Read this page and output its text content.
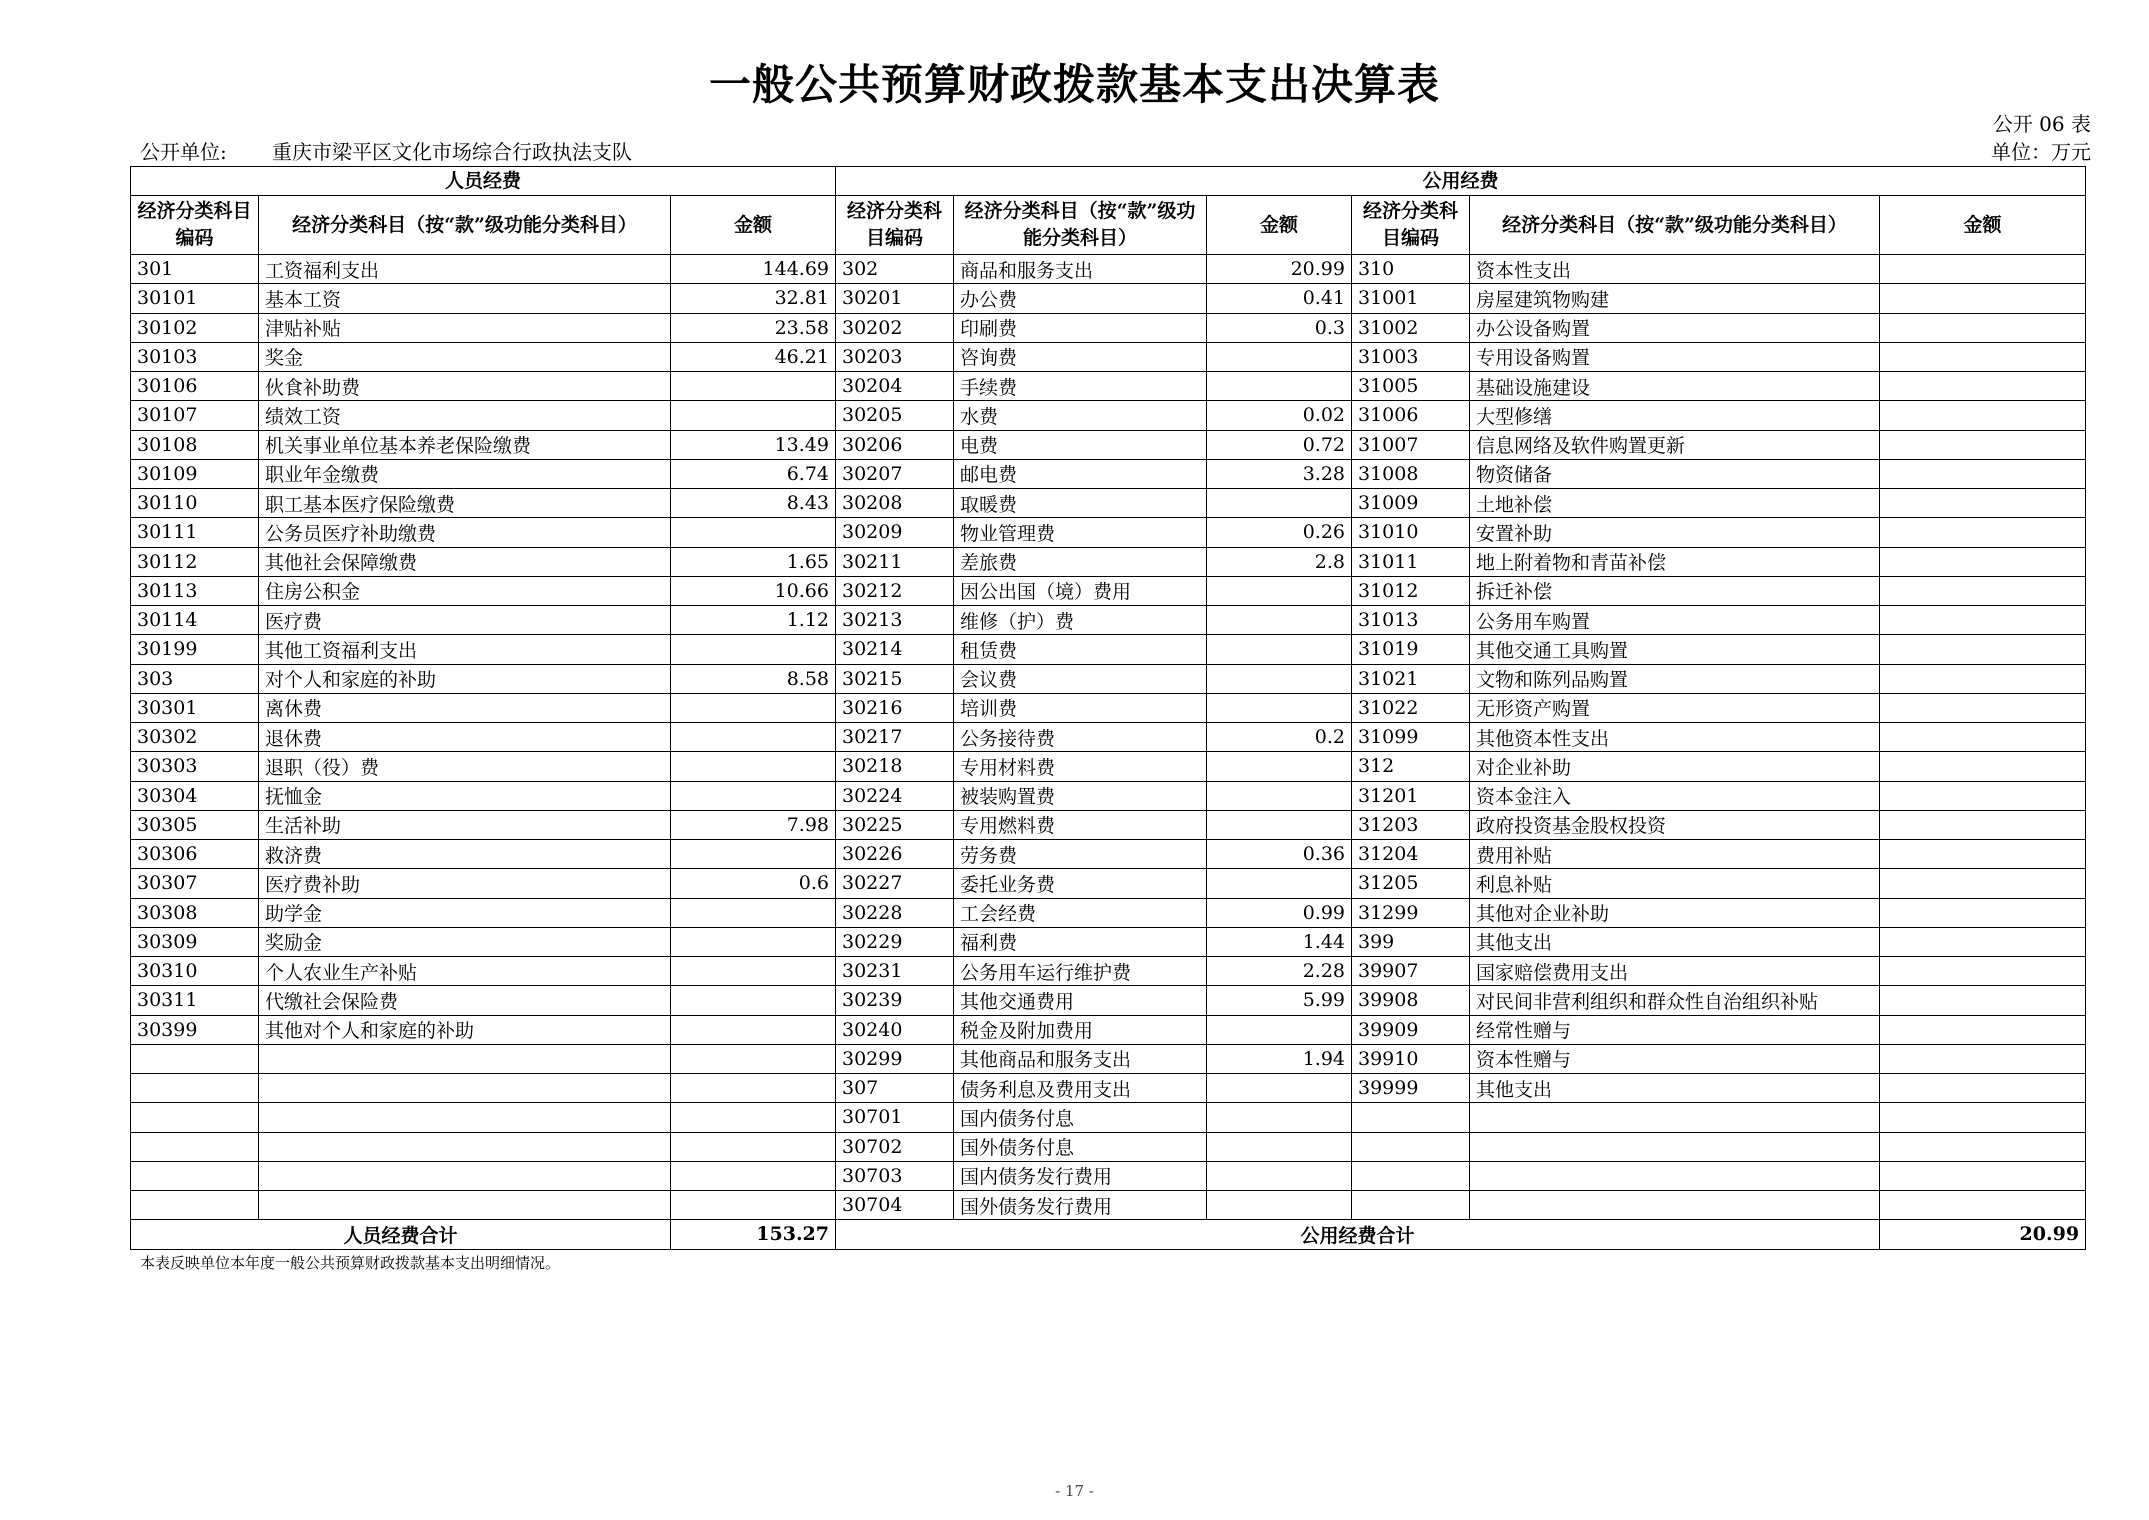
一般公共预算财政拨款基本支出决算表
公开 06 表
公开单位: 重庆市梁平区文化市场综合行政执法支队	单位：万元
人员经费			公用经费					
经济分类科目编码	经济分类科目（按“款”级功能分类科目）	金额	经济分类科目编码	经济分类科目（按“款”级功能分类科目）	金额	经济分类科目编码	经济分类科目（按“款”级功能分类科目）	金额
301	工资福利支出	144.69	302	商品和服务支出	20.99	310	资本性支出	
30101	基本工资	32.81	30201	办公费	0.41	31001	房屋建筑物购建	
30102	津贴补贴	23.58	30202	印刷费	0.3	31002	办公设备购置	
30103	奖金	46.21	30203	咨询费		31003	专用设备购置	
30106	伙食补助费		30204	手续费		31005	基础设施建设	
30107	绩效工资		30205	水费	0.02	31006	大型修缮	
30108	机关事业单位基本养老保险缴费	13.49	30206	电费	0.72	31007	信息网络及软件购置更新	
30109	职业年金缴费	6.74	30207	邮电费	3.28	31008	物资储备	
30110	职工基本医疗保险缴费	8.43	30208	取暖费		31009	土地补偿	
30111	公务员医疗补助缴费		30209	物业管理费	0.26	31010	安置补助	
30112	其他社会保障缴费	1.65	30211	差旅费	2.8	31011	地上附着物和青苗补偿	
30113	住房公积金	10.66	30212	因公出国（境）费用		31012	拆迁补偿	
30114	医疗费	1.12	30213	维修（护）费		31013	公务用车购置	
30199	其他工资福利支出		30214	租赁费		31019	其他交通工具购置	
303	对个人和家庭的补助	8.58	30215	会议费		31021	文物和陈列品购置	
30301	离休费		30216	培训费		31022	无形资产购置	
30302	退休费		30217	公务接待费	0.2	31099	其他资本性支出	
30303	退职（役）费		30218	专用材料费		312	对企业补助	
30304	抚恤金		30224	被装购置费		31201	资本金注入	
30305	生活补助	7.98	30225	专用燃料费		31203	政府投资基金股权投资	
30306	救济费		30226	劳务费	0.36	31204	费用补贴	
30307	医疗费补助	0.6	30227	委托业务费		31205	利息补贴	
30308	助学金		30228	工会经费	0.99	31299	其他对企业补助	
30309	奖励金		30229	福利费	1.44	399	其他支出	
30310	个人农业生产补贴		30231	公务用车运行维护费	2.28	39907	国家赔偿费用支出	
30311	代缴社会保险费		30239	其他交通费用	5.99	39908	对民间非营利组织和群众性自治组织补贴	
30399	其他对个人和家庭的补助		30240	税金及附加费用		39909	经常性赠与	
			30299	其他商品和服务支出	1.94	39910	资本性赠与	
			307	债务利息及费用支出		39999	其他支出	
			30701	国内债务付息				
			30702	国外债务付息				
			30703	国内债务发行费用				
			30704	国外债务发行费用				
人员经费合计		153.27	公用经费合计					20.99
本表反映单位本年度一般公共预算财政拨款基本支出明细情况。
- 17 -
